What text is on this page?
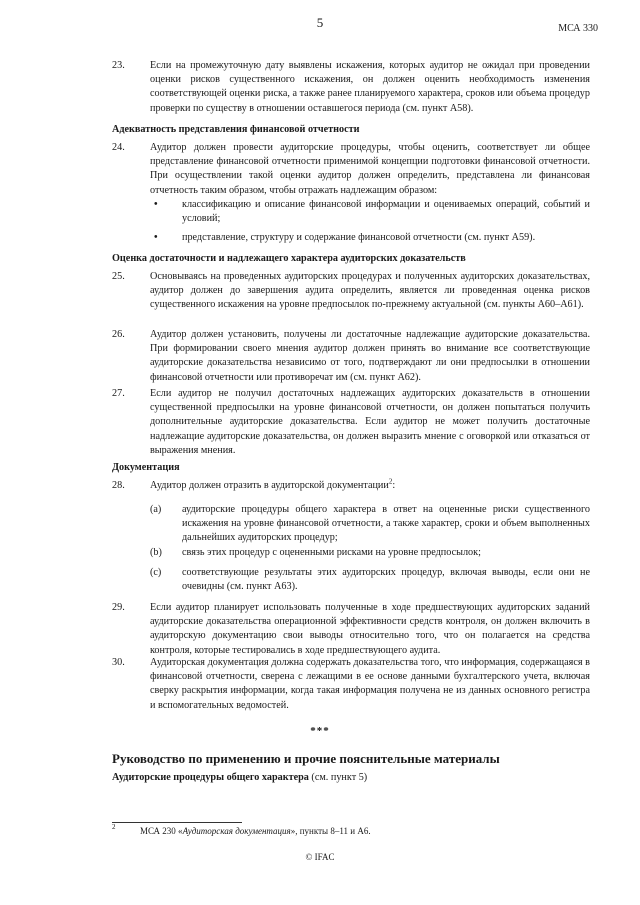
5	МСА 330
23. Если на промежуточную дату выявлены искажения, которых аудитор не ожидал при проведении оценки рисков существенного искажения, он должен оценить необходимость изменения соответствующей оценки риска, а также ранее планируемого характера, сроков или объема процедур проверки по существу в отношении оставшегося периода (см. пункт А58).
Адекватность представления финансовой отчетности
24. Аудитор должен провести аудиторские процедуры, чтобы оценить, соответствует ли общее представление финансовой отчетности применимой концепции подготовки финансовой отчетности. При осуществлении такой оценки аудитор должен определить, представлена ли финансовая отчетность таким образом, чтобы отражать надлежащим образом:
• классификацию и описание финансовой информации и оцениваемых операций, событий и условий;
• представление, структуру и содержание финансовой отчетности (см. пункт А59).
Оценка достаточности и надлежащего характера аудиторских доказательств
25. Основываясь на проведенных аудиторских процедурах и полученных аудиторских доказательствах, аудитор должен до завершения аудита определить, является ли проведенная оценка рисков существенного искажения на уровне предпосылок по-прежнему актуальной (см. пункты А60–А61).
26. Аудитор должен установить, получены ли достаточные надлежащие аудиторские доказательства. При формировании своего мнения аудитор должен принять во внимание все соответствующие аудиторские доказательства независимо от того, подтверждают ли они предпосылки в отношении финансовой отчетности или противоречат им (см. пункт А62).
27. Если аудитор не получил достаточных надлежащих аудиторских доказательств в отношении существенной предпосылки на уровне финансовой отчетности, он должен попытаться получить дополнительные аудиторские доказательства. Если аудитор не может получить достаточные надлежащие аудиторские доказательства, он должен выразить мнение с оговоркой или отказаться от выражения мнения.
Документация
28. Аудитор должен отразить в аудиторской документации$^2$:
(a) аудиторские процедуры общего характера в ответ на оцененные риски существенного искажения на уровне финансовой отчетности, а также характер, сроки и объем выполненных дальнейших аудиторских процедур;
(b) связь этих процедур с оцененными рисками на уровне предпосылок;
(c) соответствующие результаты этих аудиторских процедур, включая выводы, если они не очевидны (см. пункт А63).
29. Если аудитор планирует использовать полученные в ходе предшествующих аудиторских заданий аудиторские доказательства операционной эффективности средств контроля, он должен включить в аудиторскую документацию свои выводы относительно того, что он полагается на средства контроля, которые тестировались в ходе предшествующего аудита.
30. Аудиторская документация должна содержать доказательства того, что информация, содержащаяся в финансовой отчетности, сверена с лежащими в ее основе данными бухгалтерского учета, включая сверку раскрытия информации, когда такая информация получена не из данных основного регистра и вспомогательных ведомостей.
***
Руководство по применению и прочие пояснительные материалы
Аудиторские процедуры общего характера (см. пункт 5)
2	МСА 230 «Аудиторская документация», пункты 8–11 и А6.
© IFAC
